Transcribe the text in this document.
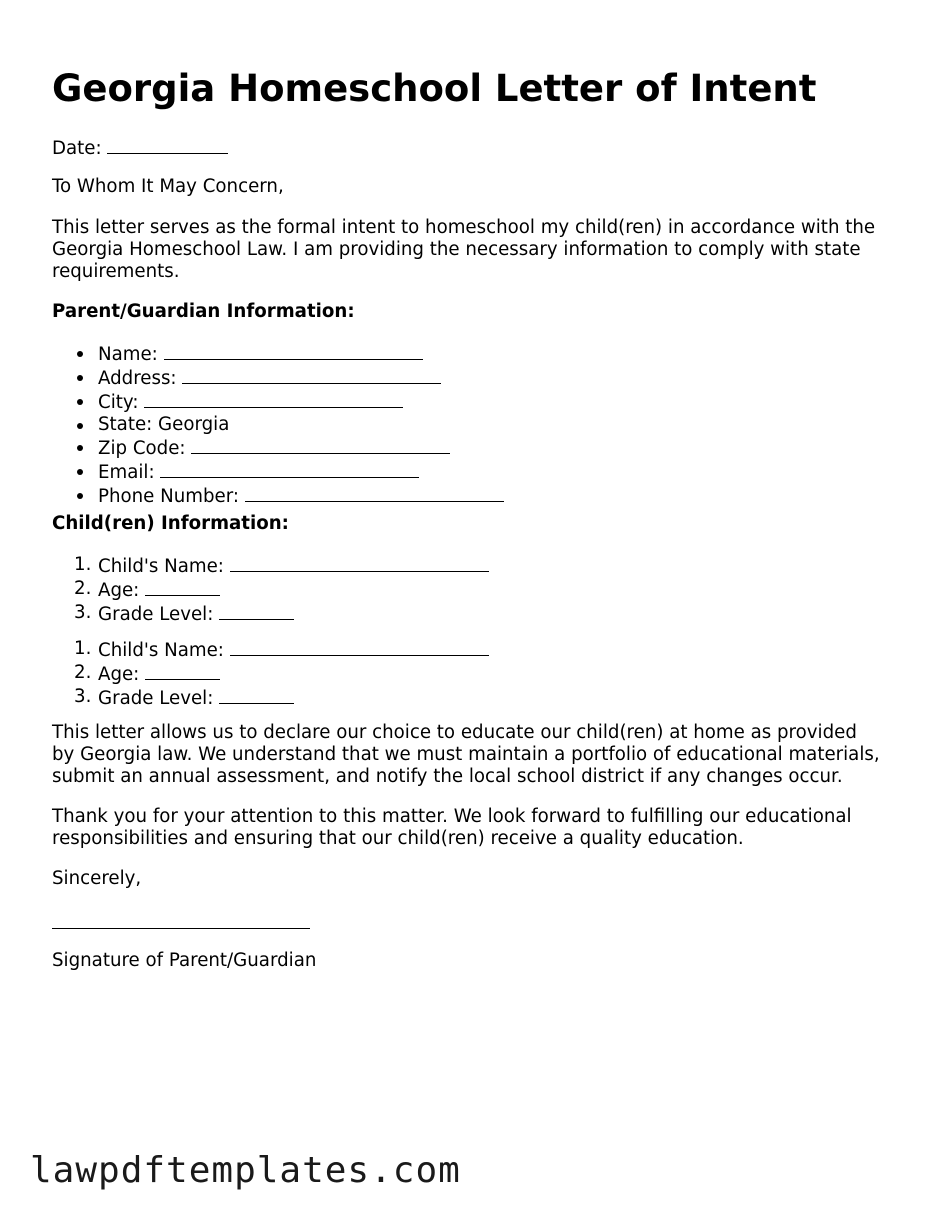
Georgia Homeschool Letter of Intent

Date:

To Whom It May Concern,

This letter serves as the formal intent to homeschool my child(ren) in accordance with the
Georgia Homeschool Law. I am providing the necessary information to comply with state
requirements.

Parent/Guardian Information:

Name:
Address:
City:
State: Georgia
Zip Code:
Email:
Phone Number:

Child(ren) Information:

1. Child's Name:
2. Age:
3. Grade Level:
1. Child's Name:
2. Age:
3. Grade Level:

This letter allows us to declare our choice to educate our child(ren) at home as provided
by Georgia law. We understand that we must maintain a portfolio of educational materials,
submit an annual assessment, and notify the local school district if any changes occur.

Thank you for your attention to this matter. We look forward to fulfilling our educational
responsibilities and ensuring that our child(ren) receive a quality education.

Sincerely,

Signature of Parent/Guardian

lawpdftemplates.com
